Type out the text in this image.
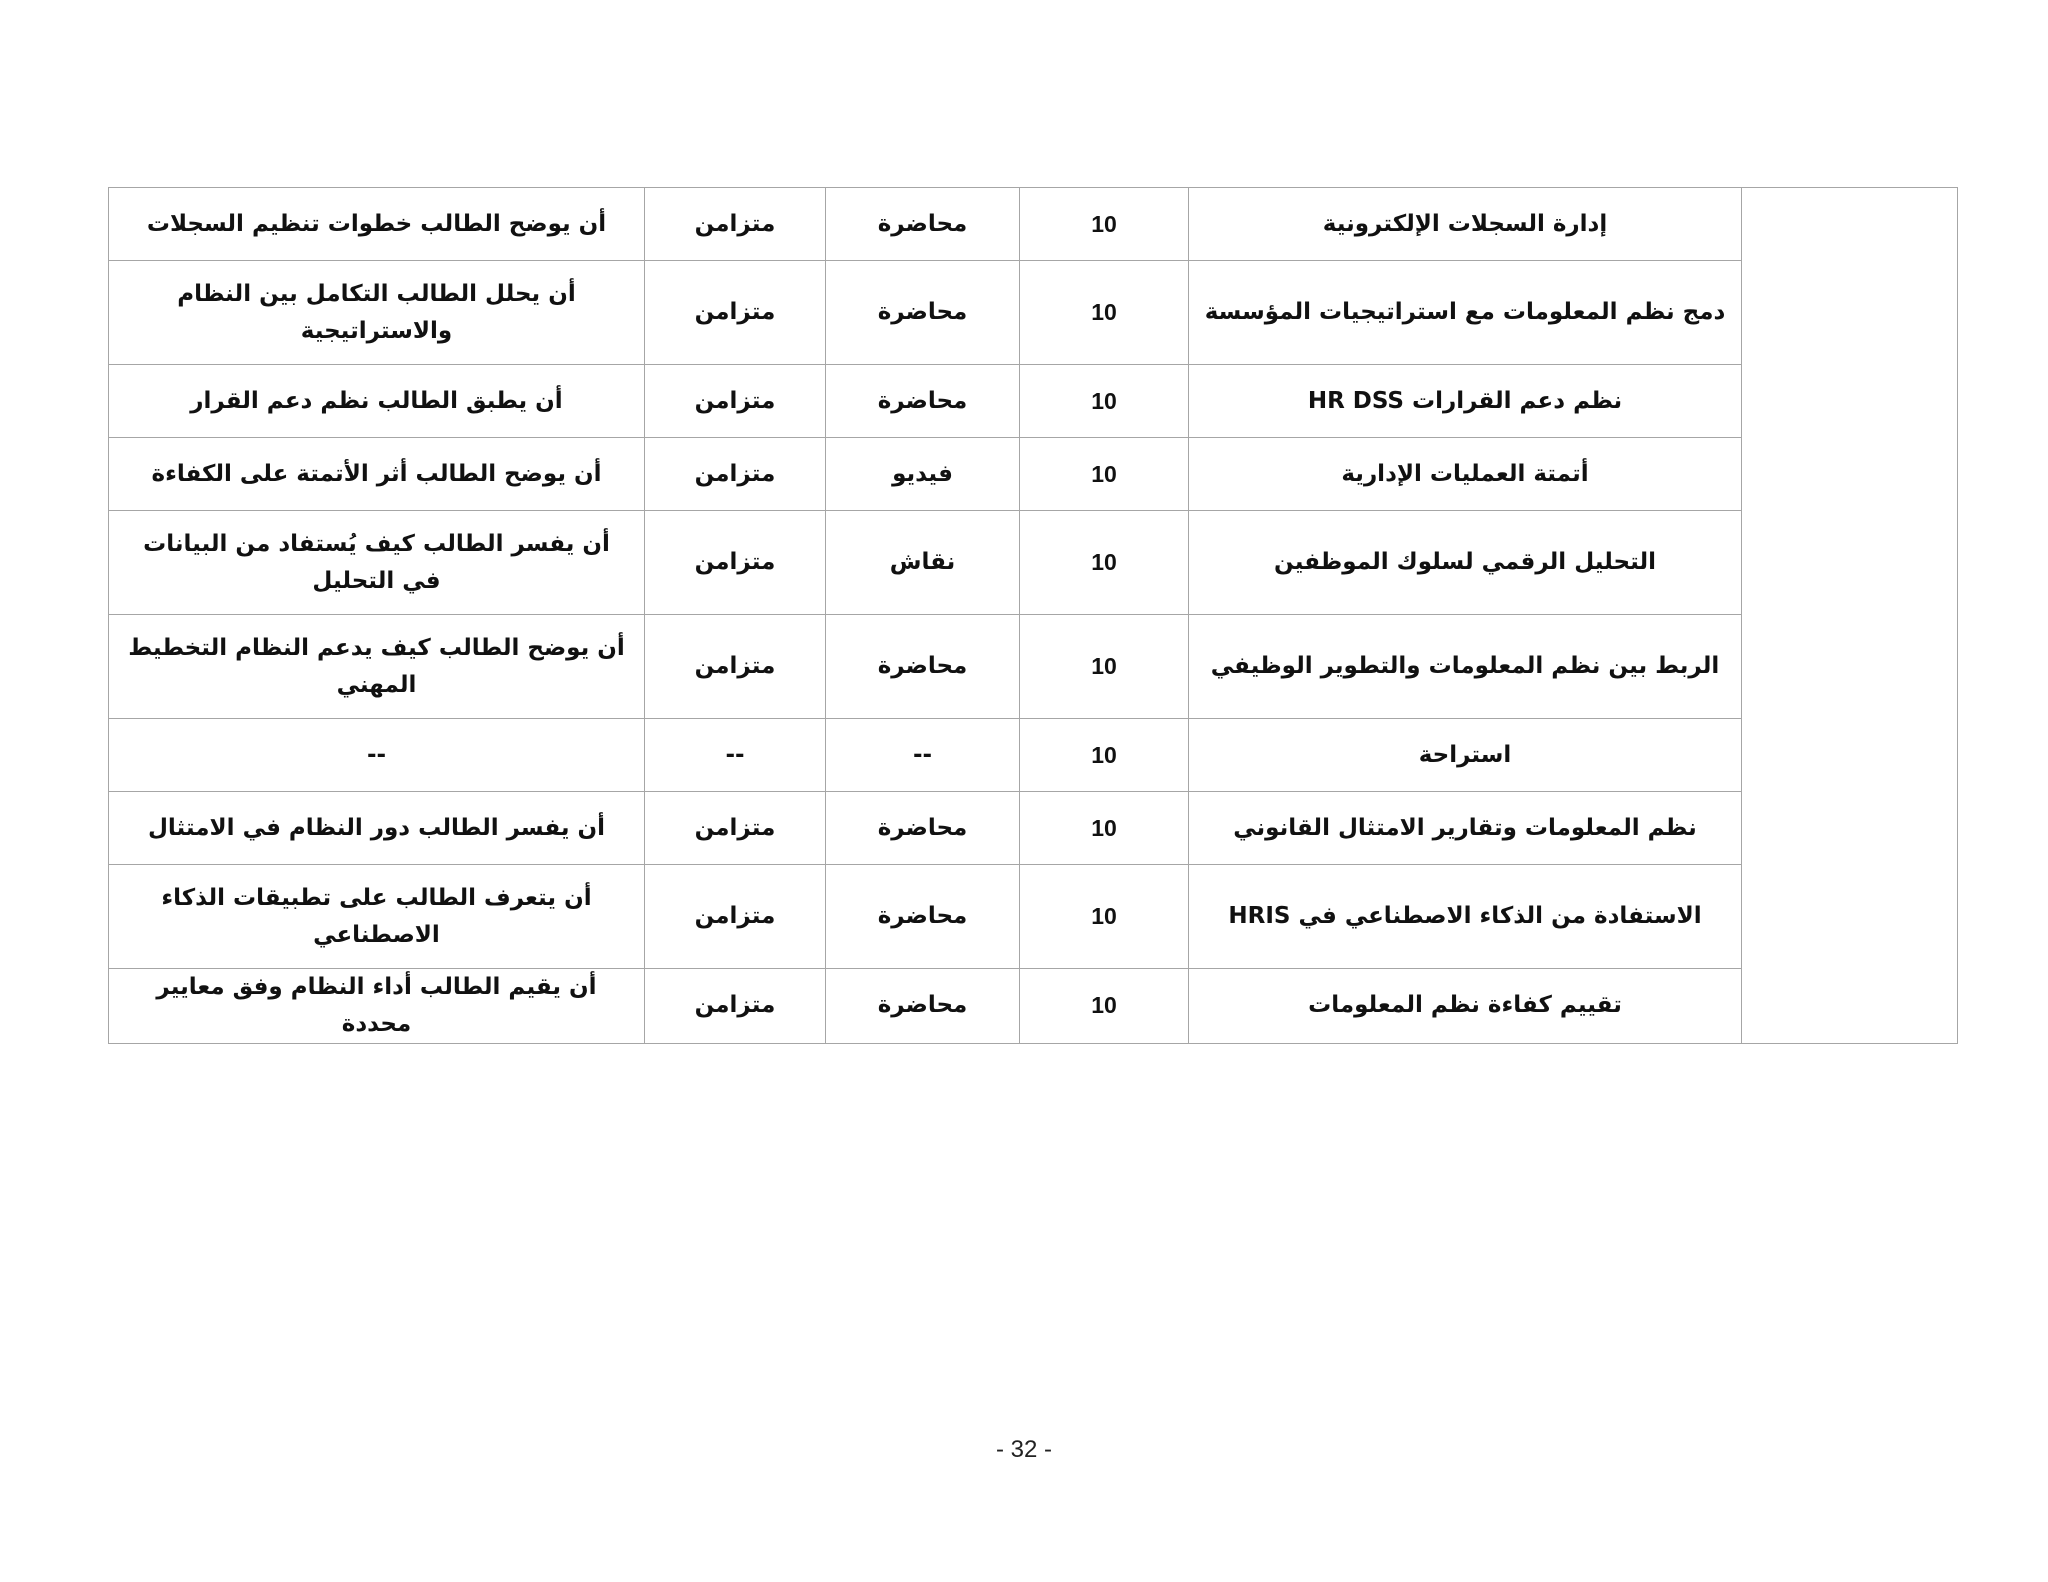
	إدارة السجلات الإلكترونية	10	محاضرة	متزامن	أن يوضح الطالب خطوات تنظيم السجلات
	دمج نظم المعلومات مع استراتيجيات المؤسسة	10	محاضرة	متزامن	أن يحلل الطالب التكامل بين النظام والاستراتيجية
	نظم دعم القرارات HR DSS	10	محاضرة	متزامن	أن يطبق الطالب نظم دعم القرار
	أتمتة العمليات الإدارية	10	فيديو	متزامن	أن يوضح الطالب أثر الأتمتة على الكفاءة
	التحليل الرقمي لسلوك الموظفين	10	نقاش	متزامن	أن يفسر الطالب كيف يُستفاد من البيانات في التحليل
	الربط بين نظم المعلومات والتطوير الوظيفي	10	محاضرة	متزامن	أن يوضح الطالب كيف يدعم النظام التخطيط المهني
	استراحة	10	--	--	--
	نظم المعلومات وتقارير الامتثال القانوني	10	محاضرة	متزامن	أن يفسر الطالب دور النظام في الامتثال
	الاستفادة من الذكاء الاصطناعي في HRIS	10	محاضرة	متزامن	أن يتعرف الطالب على تطبيقات الذكاء الاصطناعي
	تقييم كفاءة نظم المعلومات	10	محاضرة	متزامن	أن يقيم الطالب أداء النظام وفق معايير محددة
- 32 -
